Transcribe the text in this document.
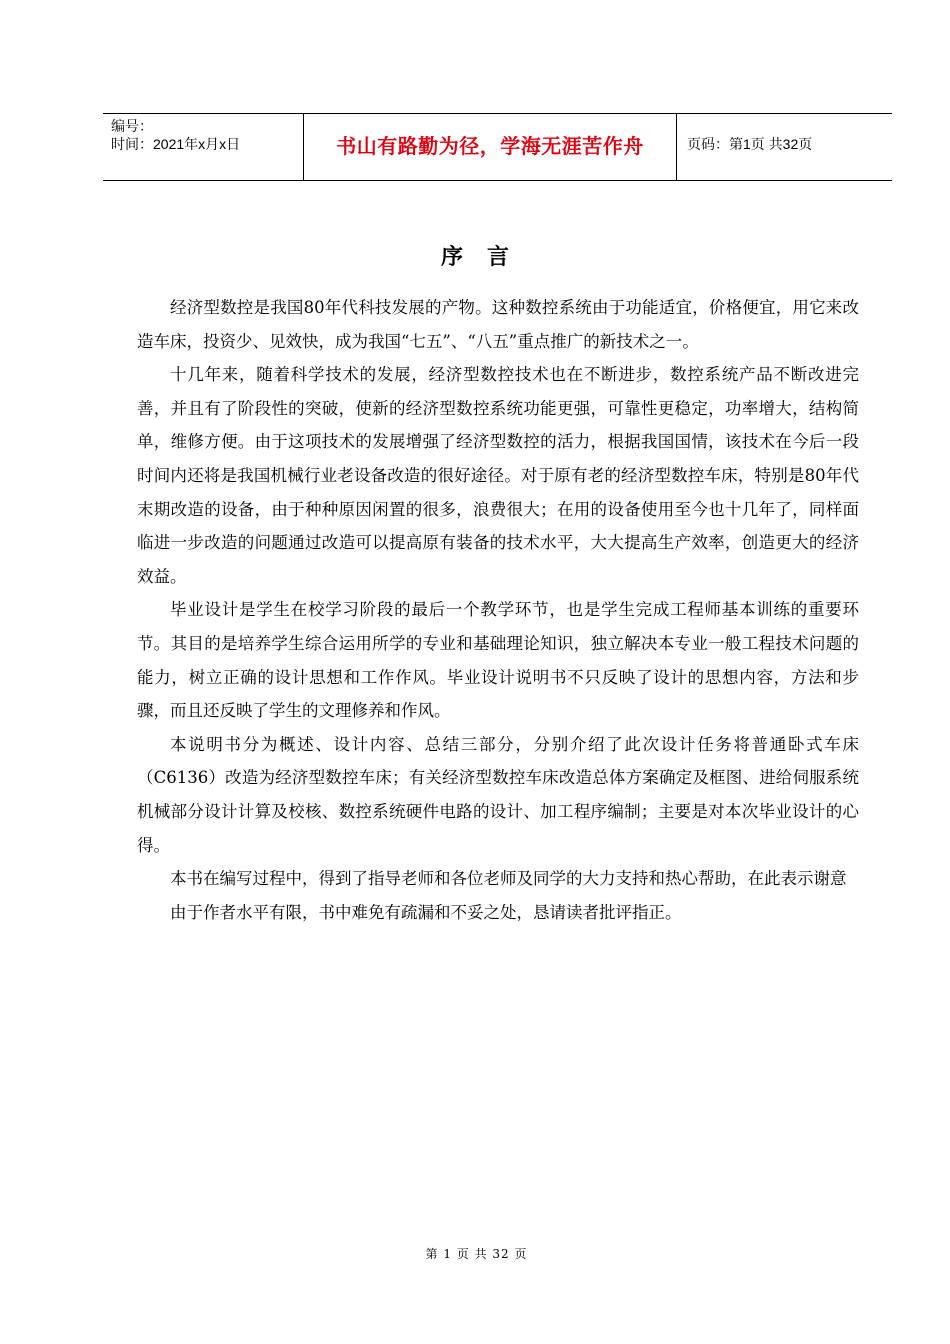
编号：
时间：2021年x月x日	书山有路勤为径，学海无涯苦作舟	页码：第1页 共32页
序言

经济型数控是我国80年代科技发展的产物。这种数控系统由于功能适宜，价格便宜，用它来改造车床，投资少、见效快，成为我国“七五”、“八五”重点推广的新技术之一。

十几年来，随着科学技术的发展，经济型数控技术也在不断进步，数控系统产品不断改进完善，并且有了阶段性的突破，使新的经济型数控系统功能更强，可靠性更稳定，功率增大，结构简单，维修方便。由于这项技术的发展增强了经济型数控的活力，根据我国国情，该技术在今后一段时间内还将是我国机械行业老设备改造的很好途径。对于原有老的经济型数控车床，特别是80年代末期改造的设备，由于种种原因闲置的很多，浪费很大；在用的设备使用至今也十几年了，同样面临进一步改造的问题通过改造可以提高原有装备的技术水平，大大提高生产效率，创造更大的经济效益。

毕业设计是学生在校学习阶段的最后一个教学环节，也是学生完成工程师基本训练的重要环节。其目的是培养学生综合运用所学的专业和基础理论知识，独立解决本专业一般工程技术问题的能力，树立正确的设计思想和工作作风。毕业设计说明书不只反映了设计的思想内容，方法和步骤，而且还反映了学生的文理修养和作风。

本说明书分为概述、设计内容、总结三部分，分别介绍了此次设计任务将普通卧式车床（C6136）改造为经济型数控车床；有关经济型数控车床改造总体方案确定及框图、进给伺服系统机械部分设计计算及校核、数控系统硬件电路的设计、加工程序编制；主要是对本次毕业设计的心得。

本书在编写过程中，得到了指导老师和各位老师及同学的大力支持和热心帮助，在此表示谢意

由于作者水平有限，书中难免有疏漏和不妥之处，恳请读者批评指正。

第 1 页 共 32 页
